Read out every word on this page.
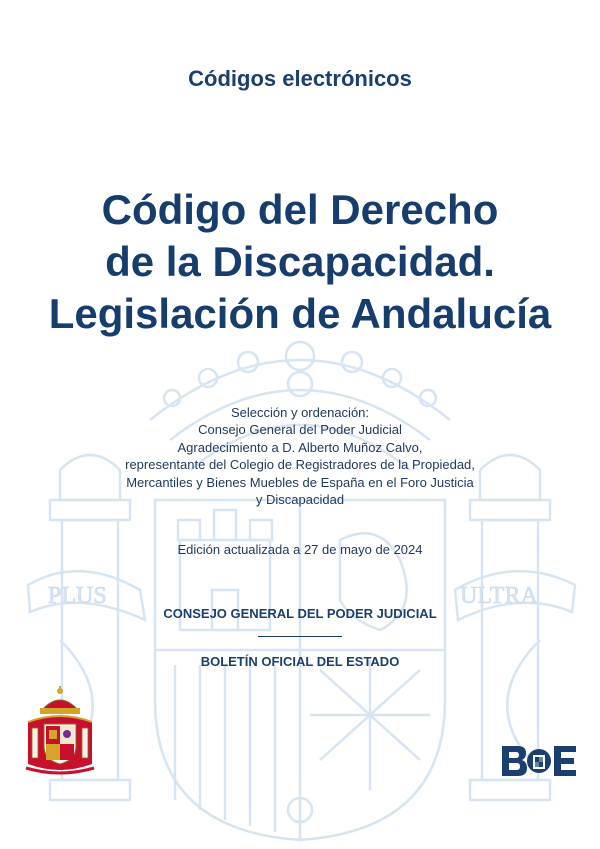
PLUS	ULTRA
Códigos electrónicos
Código del Derecho
de la Discapacidad.
Legislación de Andalucía
Selección y ordenación:
Consejo General del Poder Judicial
Agradecimiento a D. Alberto Muñoz Calvo,
representante del Colegio de Registradores de la Propiedad,
Mercantiles y Bienes Muebles de España en el Foro Justicia
y Discapacidad
Edición actualizada a 27 de mayo de 2024
CONSEJO GENERAL DEL PODER JUDICIAL
BOLETÍN OFICIAL DEL ESTADO
